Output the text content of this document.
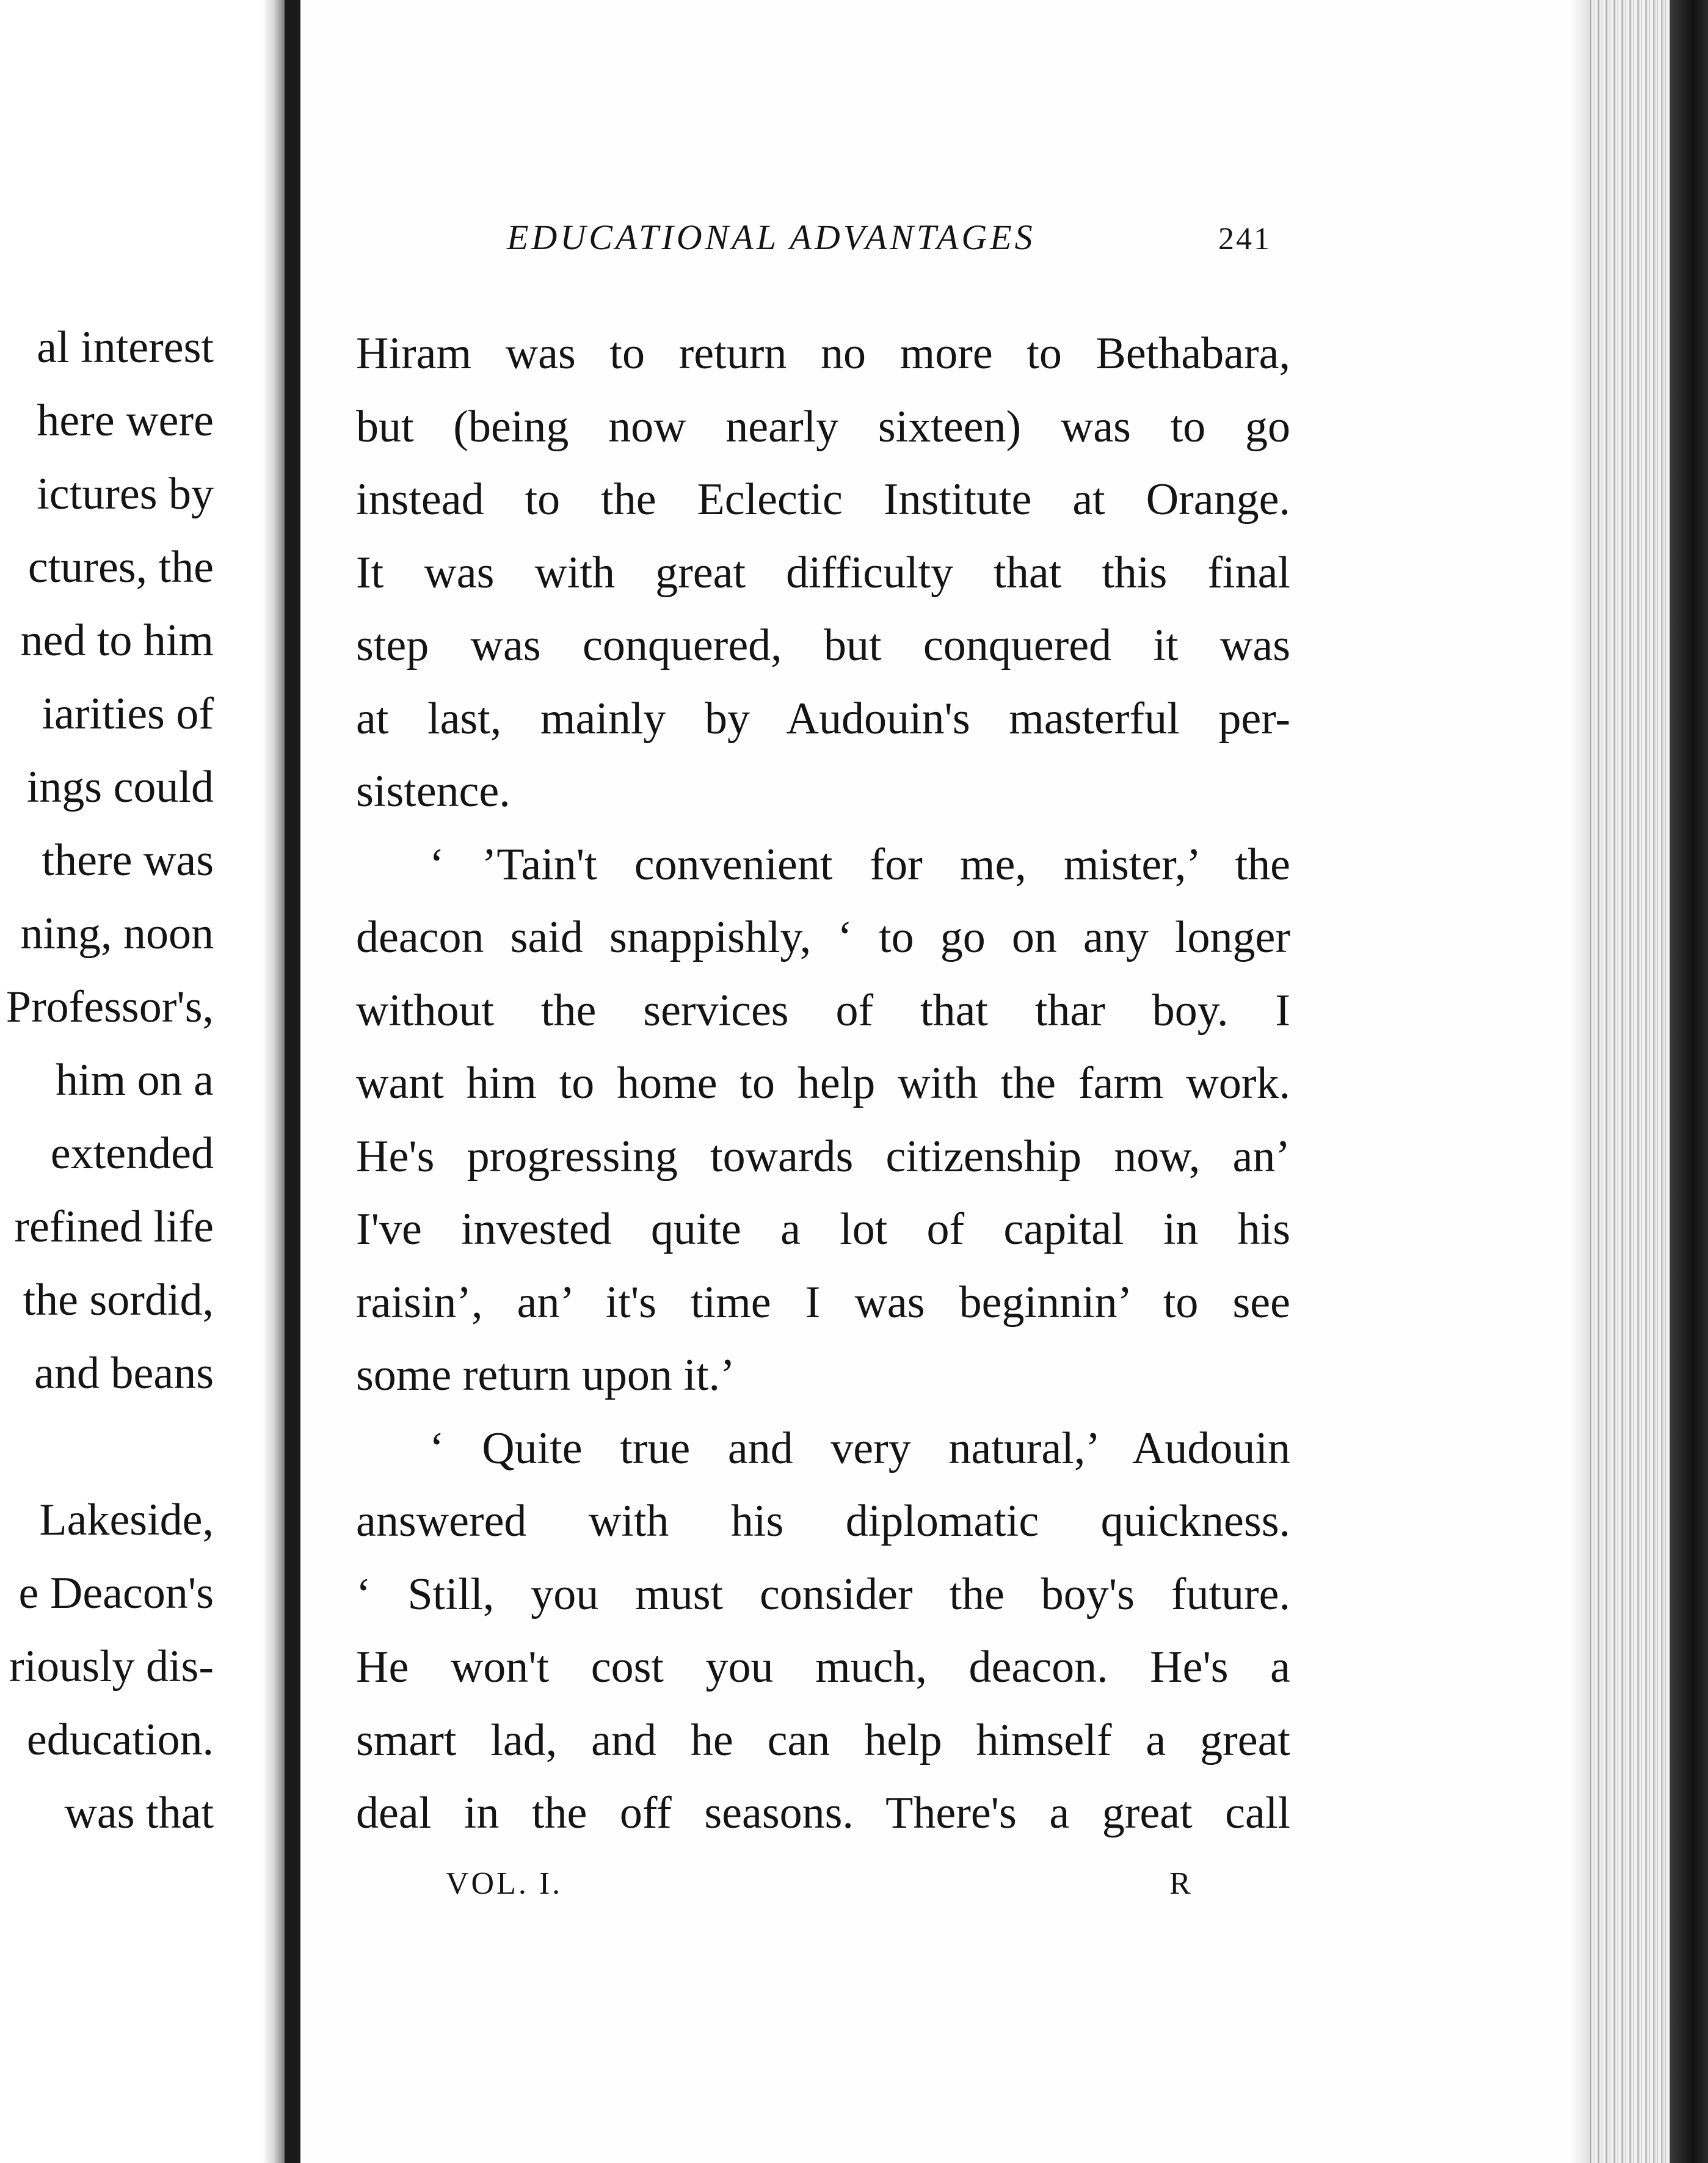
al interest
here were
ictures by
ctures, the
ned to him
iarities of
ings could
there was
ning, noon
Professor's,
him on a
extended
refined life
the sordid,
and beans
Lakeside,
e Deacon's
riously dis-
education.
was that
EDUCATIONAL ADVANTAGES	241
Hiram was to return no more to Bethabara,
but (being now nearly sixteen) was to go
instead to the Eclectic Institute at Orange.
It was with great difficulty that this final
step was conquered, but conquered it was
at last, mainly by Audouin's masterful per-
sistence.
‘ ’Tain't convenient for me, mister,’ the
deacon said snappishly, ‘ to go on any longer
without the services of that thar boy. I
want him to home to help with the farm work.
He's progressing towards citizenship now, an’
I've invested quite a lot of capital in his
raisin’, an’ it's time I was beginnin’ to see
some return upon it.’
‘ Quite true and very natural,’ Audouin
answered with his diplomatic quickness.
‘ Still, you must consider the boy's future.
He won't cost you much, deacon. He's a
smart lad, and he can help himself a great
deal in the off seasons. There's a great call
VOL. I.	R
